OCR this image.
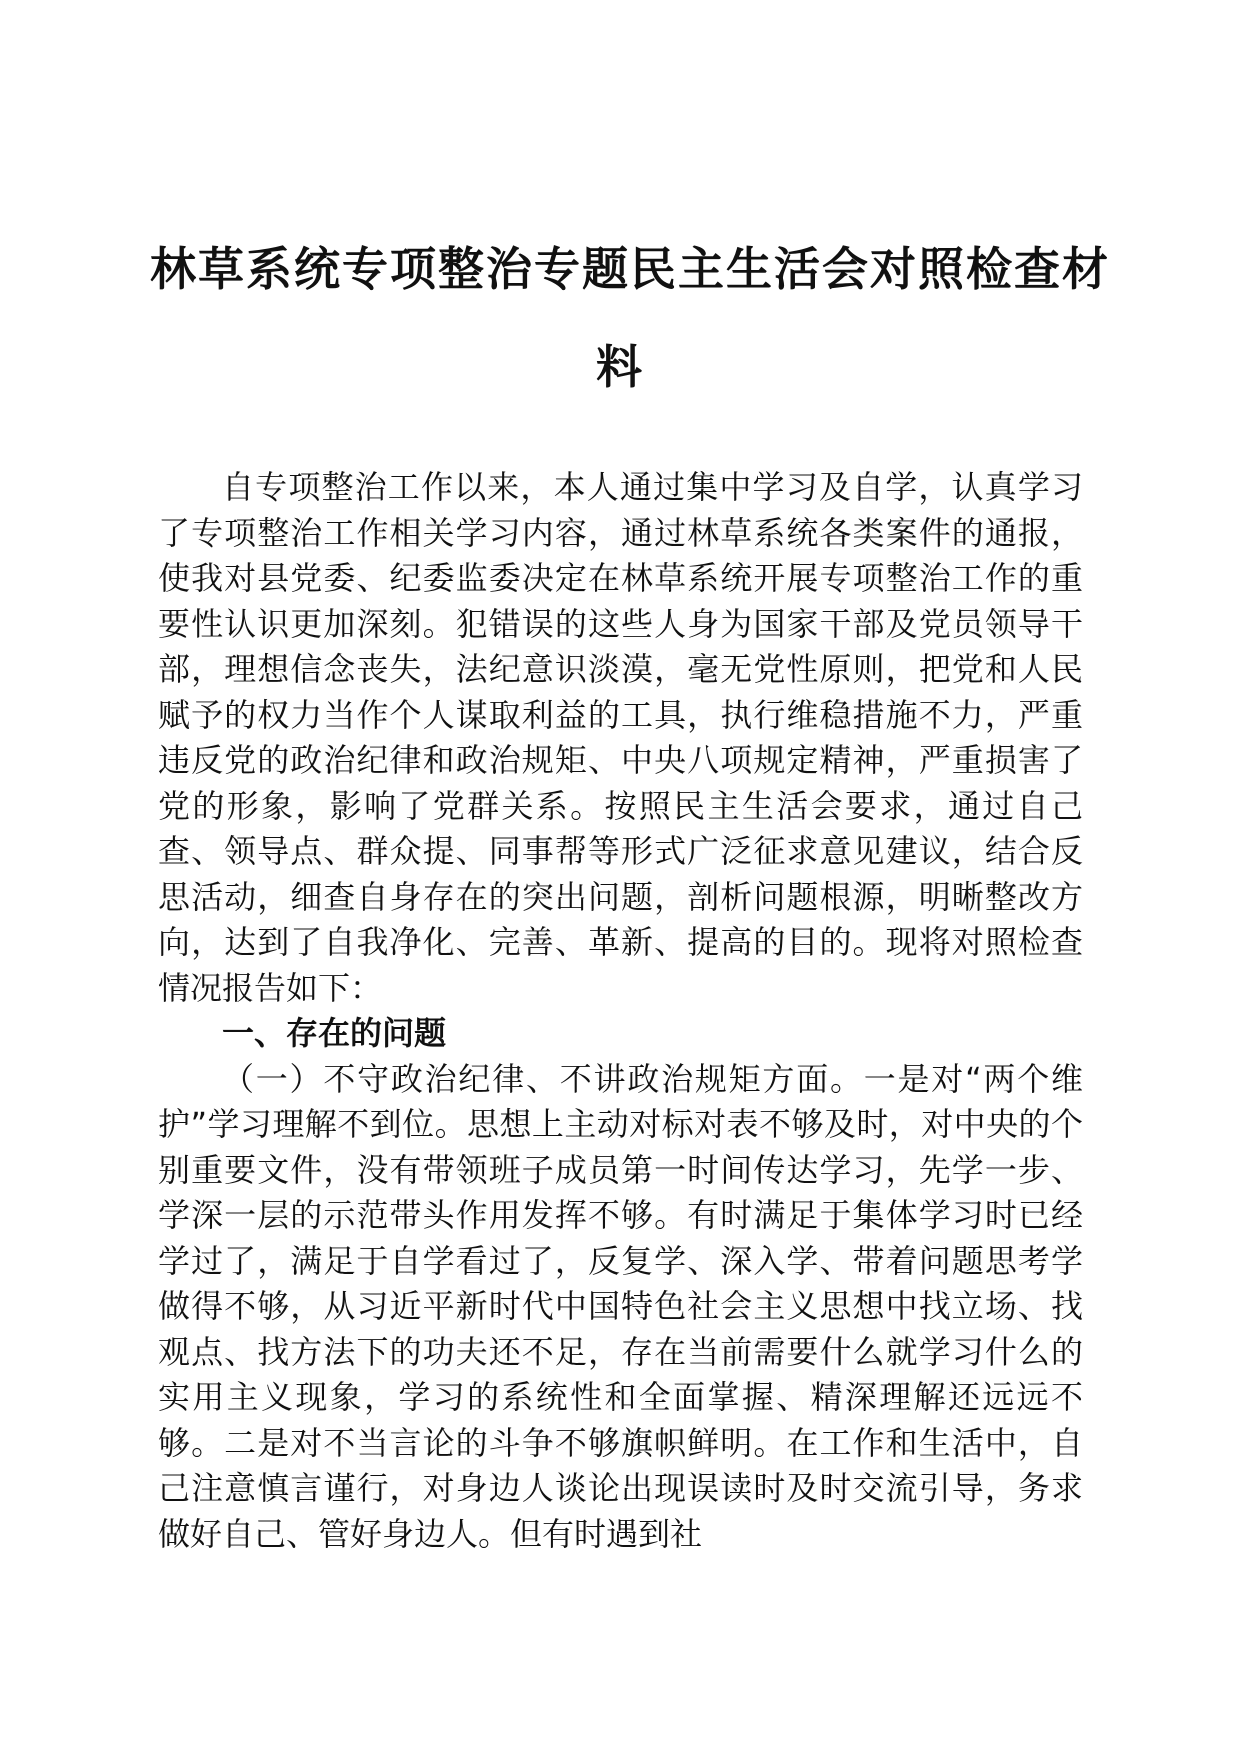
林草系统专项整治专题民主生活会对照检查材
料

自专项整治工作以来，本人通过集中学习及自学，认真学习了专项整治工作相关学习内容，通过林草系统各类案件的通报，使我对县党委、纪委监委决定在林草系统开展专项整治工作的重要性认识更加深刻。犯错误的这些人身为国家干部及党员领导干部，理想信念丧失，法纪意识淡漠，毫无党性原则，把党和人民赋予的权力当作个人谋取利益的工具，执行维稳措施不力，严重违反党的政治纪律和政治规矩、中央八项规定精神，严重损害了党的形象，影响了党群关系。按照民主生活会要求，通过自己查、领导点、群众提、同事帮等形式广泛征求意见建议，结合反思活动，细查自身存在的突出问题，剖析问题根源，明晰整改方向，达到了自我净化、完善、革新、提高的目的。现将对照检查情况报告如下：

一、存在的问题

（一）不守政治纪律、不讲政治规矩方面。一是对“两个维护”学习理解不到位。思想上主动对标对表不够及时，对中央的个别重要文件，没有带领班子成员第一时间传达学习，先学一步、学深一层的示范带头作用发挥不够。有时满足于集体学习时已经学过了，满足于自学看过了，反复学、深入学、带着问题思考学做得不够，从习近平新时代中国特色社会主义思想中找立场、找观点、找方法下的功夫还不足，存在当前需要什么就学习什么的实用主义现象，学习的系统性和全面掌握、精深理解还远远不够。二是对不当言论的斗争不够旗帜鲜明。在工作和生活中，自己注意慎言谨行，对身边人谈论出现误读时及时交流引导，务求做好自己、管好身边人。但有时遇到社
